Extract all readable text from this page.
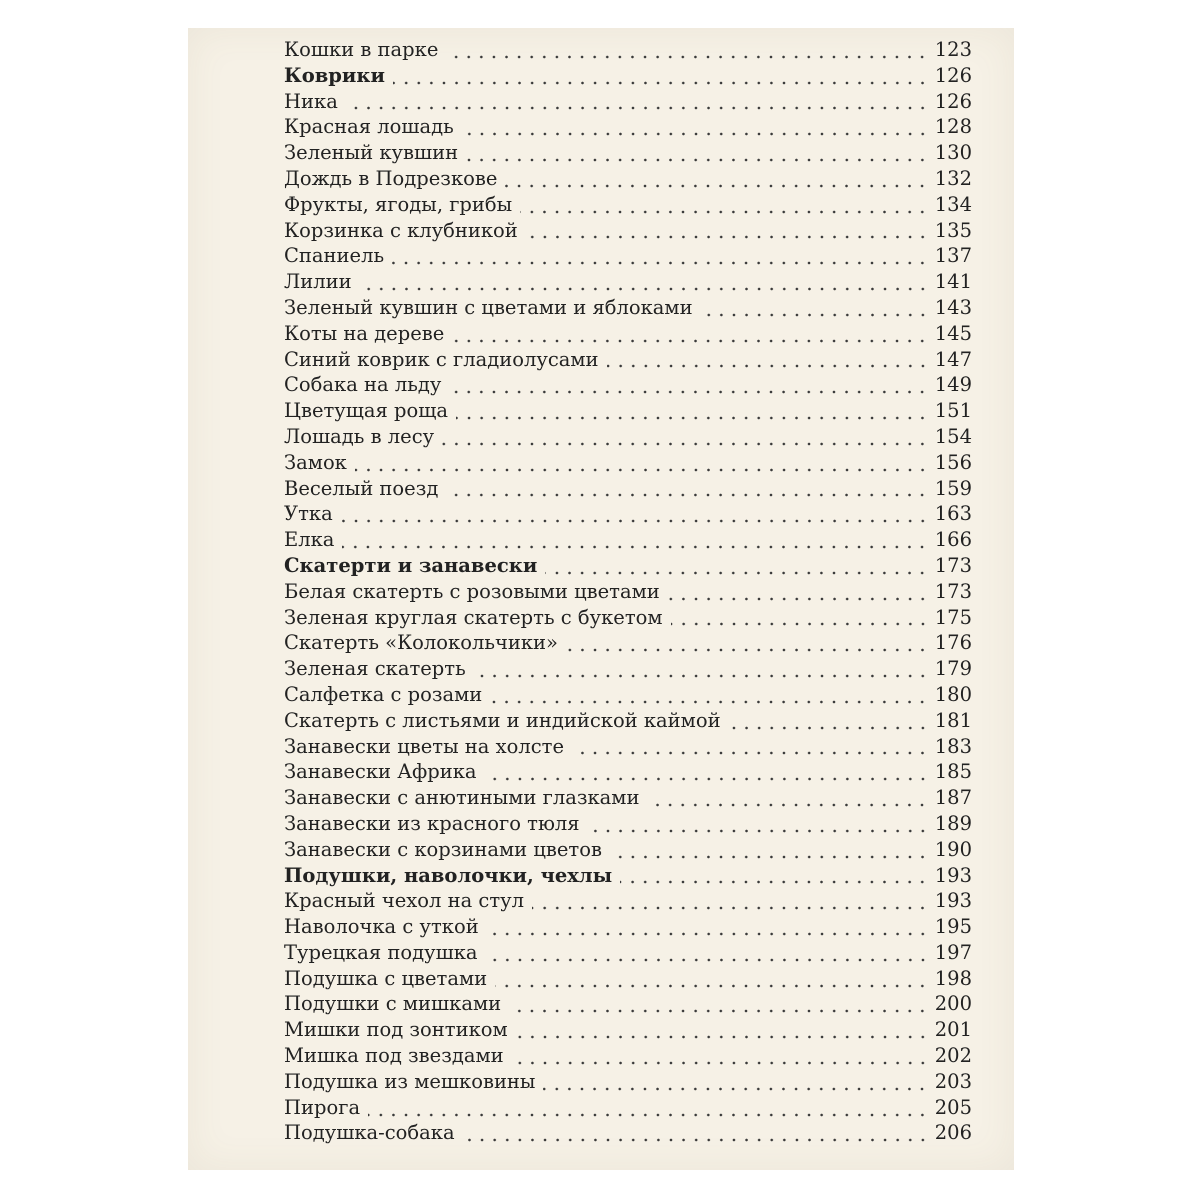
Кошки в парке	123
Коврики	126
Ника	126
Красная лошадь	128
Зеленый кувшин	130
Дождь в Подрезкове	132
Фрукты, ягоды, грибы	134
Корзинка с клубникой	135
Спаниель	137
Лилии	141
Зеленый кувшин с цветами и яблоками	143
Коты на дереве	145
Синий коврик с гладиолусами	147
Собака на льду	149
Цветущая роща	151
Лошадь в лесу	154
Замок	156
Веселый поезд	159
Утка	163
Елка	166
Скатерти и занавески	173
Белая скатерть с розовыми цветами	173
Зеленая круглая скатерть с букетом	175
Скатерть «Колокольчики»	176
Зеленая скатерть	179
Салфетка с розами	180
Скатерть с листьями и индийской каймой	181
Занавески цветы на холсте	183
Занавески Африка	185
Занавески с анютиными глазками	187
Занавески из красного тюля	189
Занавески с корзинами цветов	190
Подушки, наволочки, чехлы	193
Красный чехол на стул	193
Наволочка с уткой	195
Турецкая подушка	197
Подушка с цветами	198
Подушки с мишками	200
Мишки под зонтиком	201
Мишка под звездами	202
Подушка из мешковины	203
Пирога	205
Подушка-собака	206
